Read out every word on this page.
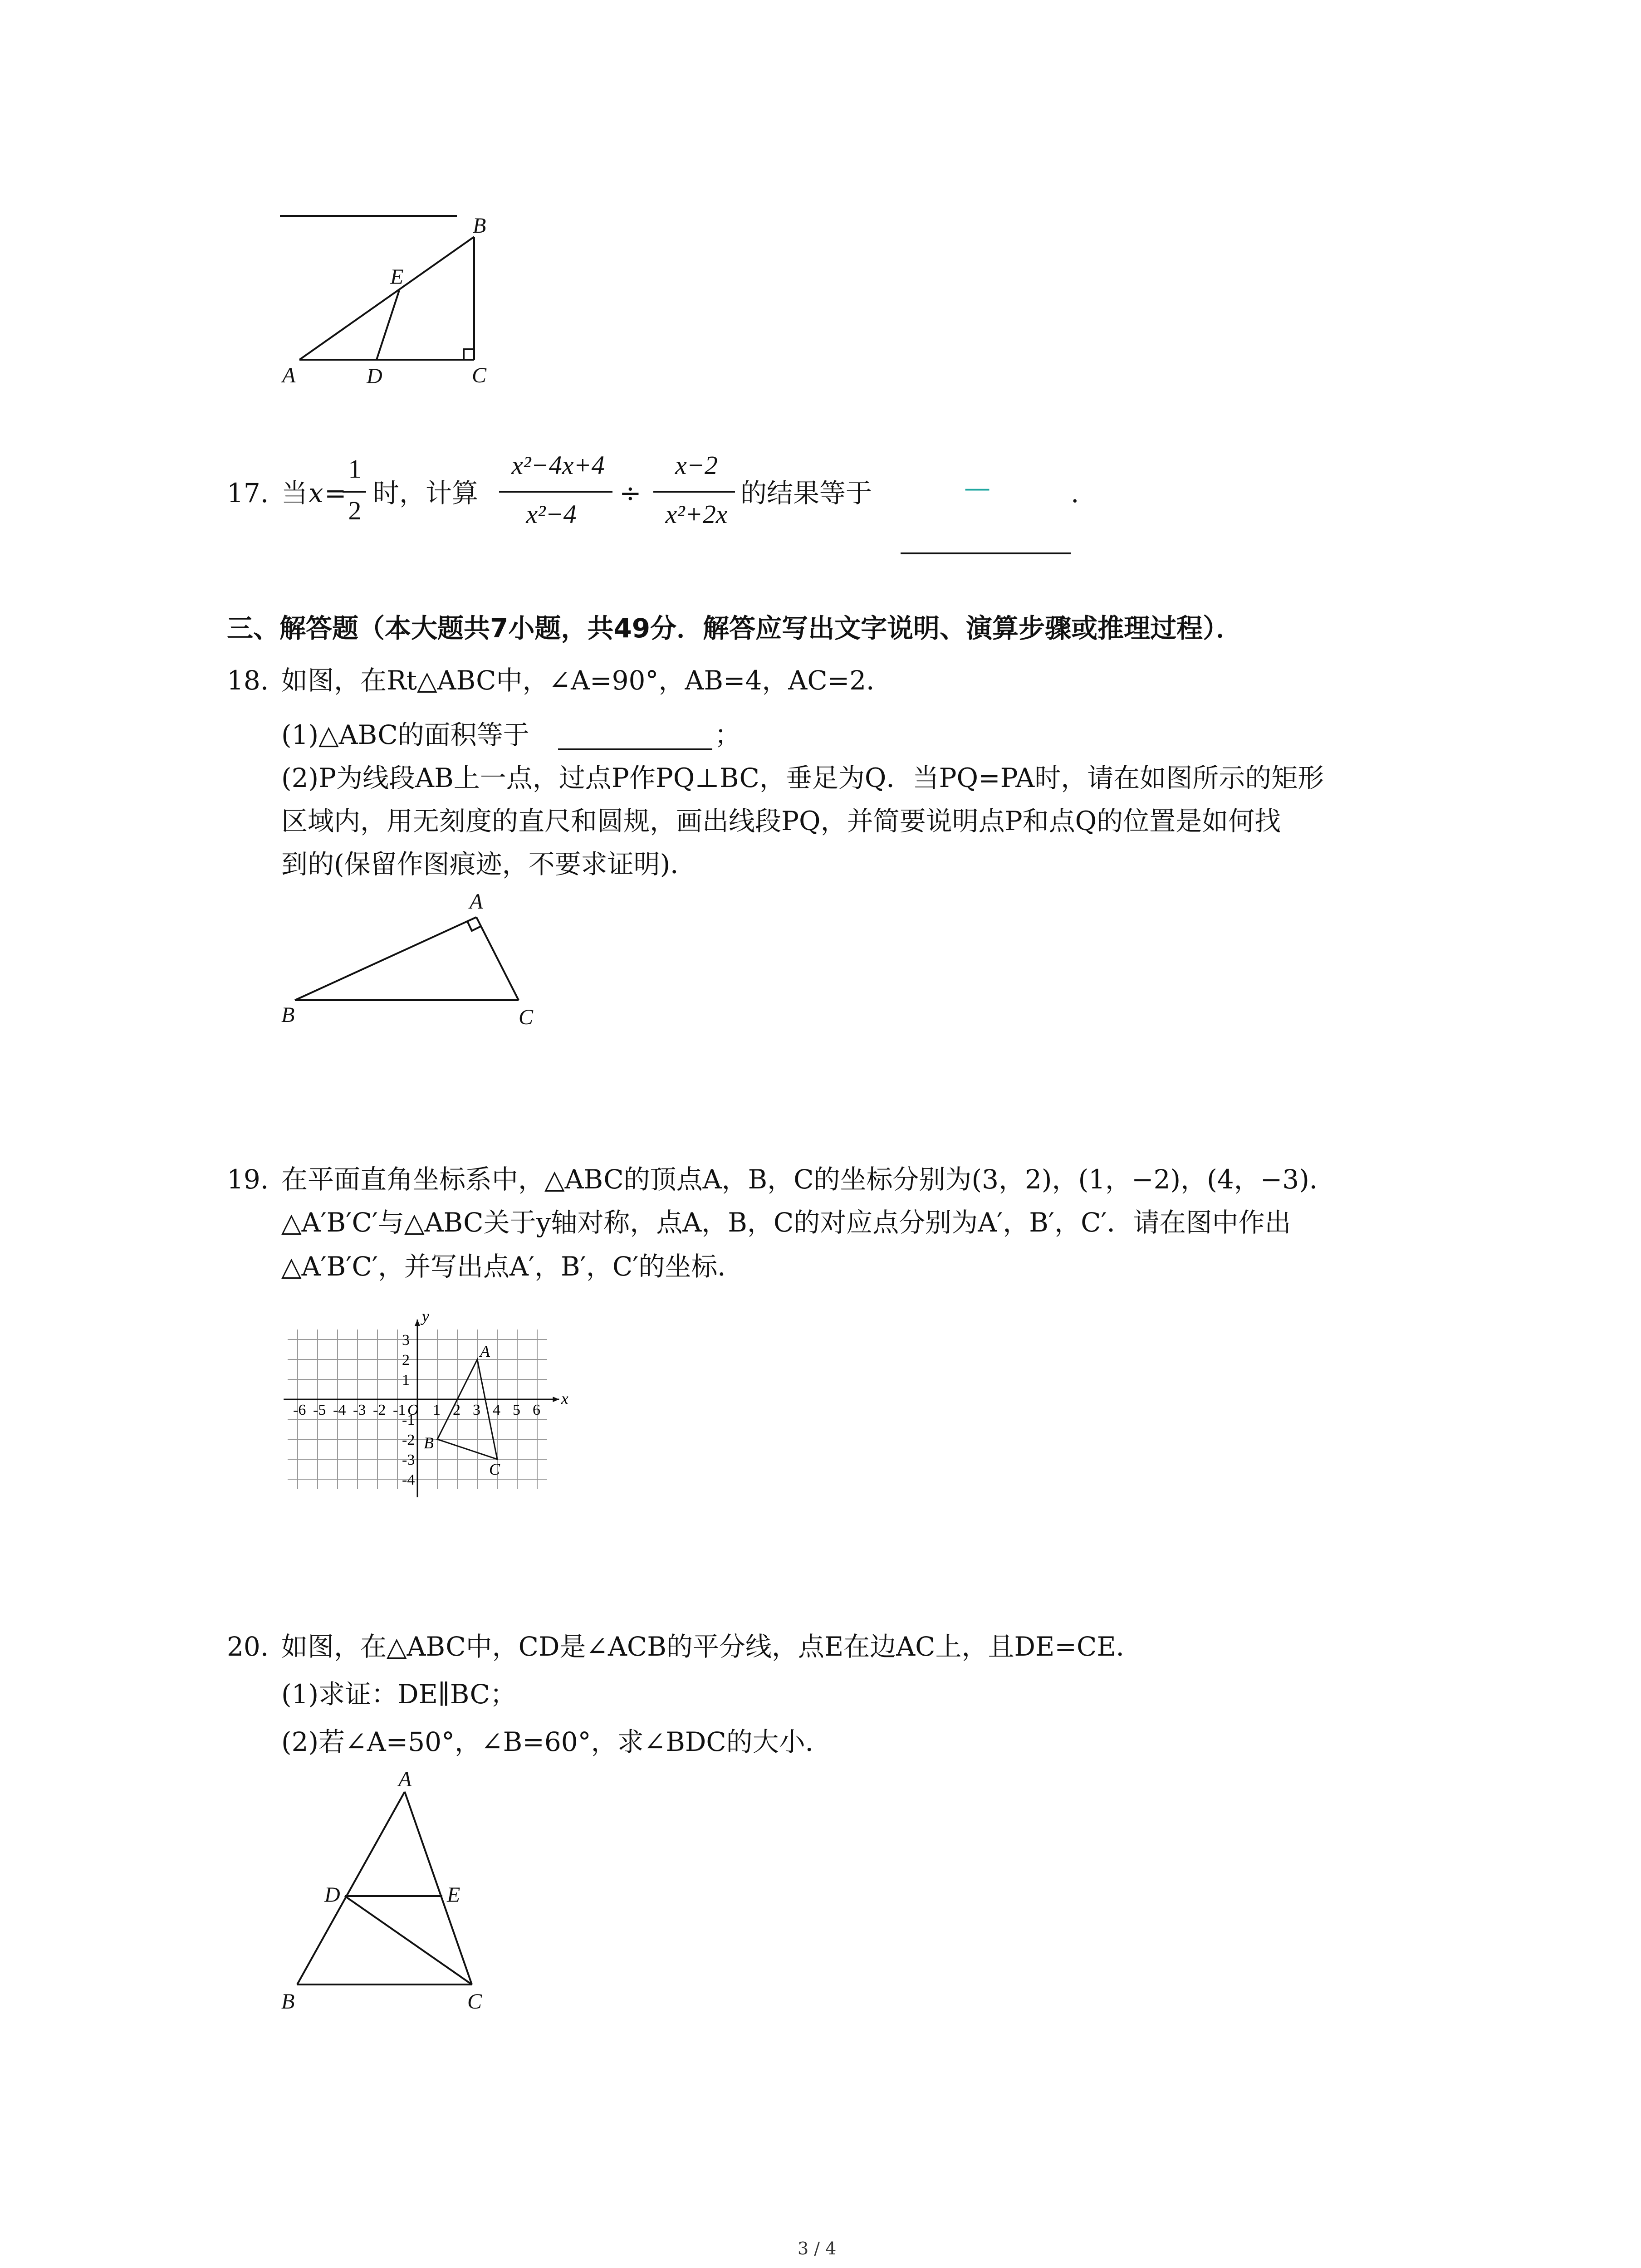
B
E
A	D	C
17. 当 x =
1
2
时，计算
x²−4x+4
x²−4
÷
x−2
x²+2x
的结果等于	—	.
三、解答题（本大题共7小题，共49分．解答应写出文字说明、演算步骤或推理过程）．
18. 如图，在Rt△ABC中，∠A=90°，AB=4，AC=2．
(1)△ABC的面积等于	；
(2)P为线段AB上一点，过点P作PQ⊥BC，垂足为Q．当PQ=PA时，请在如图所示的矩形
区域内，用无刻度的直尺和圆规，画出线段PQ，并简要说明点P和点Q的位置是如何找
到的(保留作图痕迹，不要求证明)．
A
B	C
19. 在平面直角坐标系中，△ABC的顶点A，B，C的坐标分别为(3，2)，(1，−2)，(4，−3)．
△A′B′C′与△ABC关于y轴对称，点A，B，C的对应点分别为A′，B′，C′．请在图中作出
△A′B′C′，并写出点A′，B′，C′的坐标．
x
y
-6 -5 -4 -3 -2 -1 O 1 2 3 4 5 6
3
2
1
-1
-2
-3
-4
A
B
C
20. 如图，在△ABC中，CD是∠ACB的平分线，点E在边AC上，且DE=CE．
(1)求证：DE∥BC；
(2)若∠A=50°，∠B=60°，求∠BDC的大小．
A
D	E
B	C
3 / 4
